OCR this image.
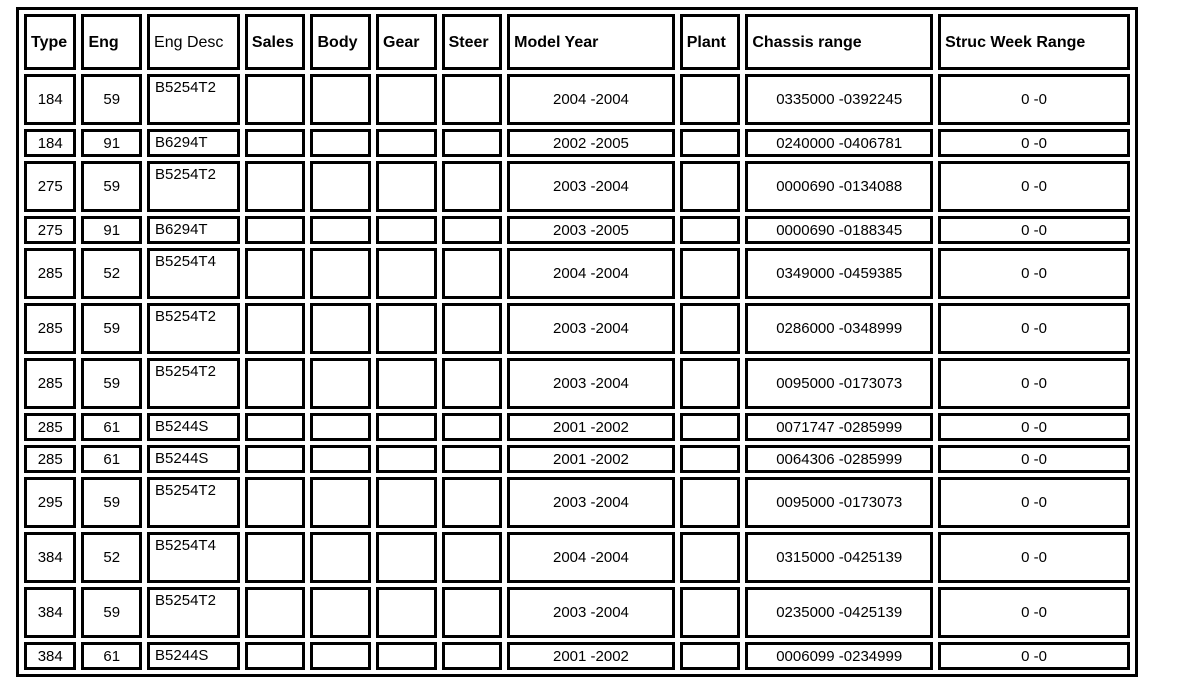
Type	Eng	Eng Desc	Sales	Body	Gear	Steer	Model Year	Plant	Chassis range	Struc Week Range
184	59	B5254T2					2004 -2004		0335000 -0392245	0 -0
184	91	B6294T					2002 -2005		0240000 -0406781	0 -0
275	59	B5254T2					2003 -2004		0000690 -0134088	0 -0
275	91	B6294T					2003 -2005		0000690 -0188345	0 -0
285	52	B5254T4					2004 -2004		0349000 -0459385	0 -0
285	59	B5254T2					2003 -2004		0286000 -0348999	0 -0
285	59	B5254T2					2003 -2004		0095000 -0173073	0 -0
285	61	B5244S					2001 -2002		0071747 -0285999	0 -0
285	61	B5244S					2001 -2002		0064306 -0285999	0 -0
295	59	B5254T2					2003 -2004		0095000 -0173073	0 -0
384	52	B5254T4					2004 -2004		0315000 -0425139	0 -0
384	59	B5254T2					2003 -2004		0235000 -0425139	0 -0
384	61	B5244S					2001 -2002		0006099 -0234999	0 -0
